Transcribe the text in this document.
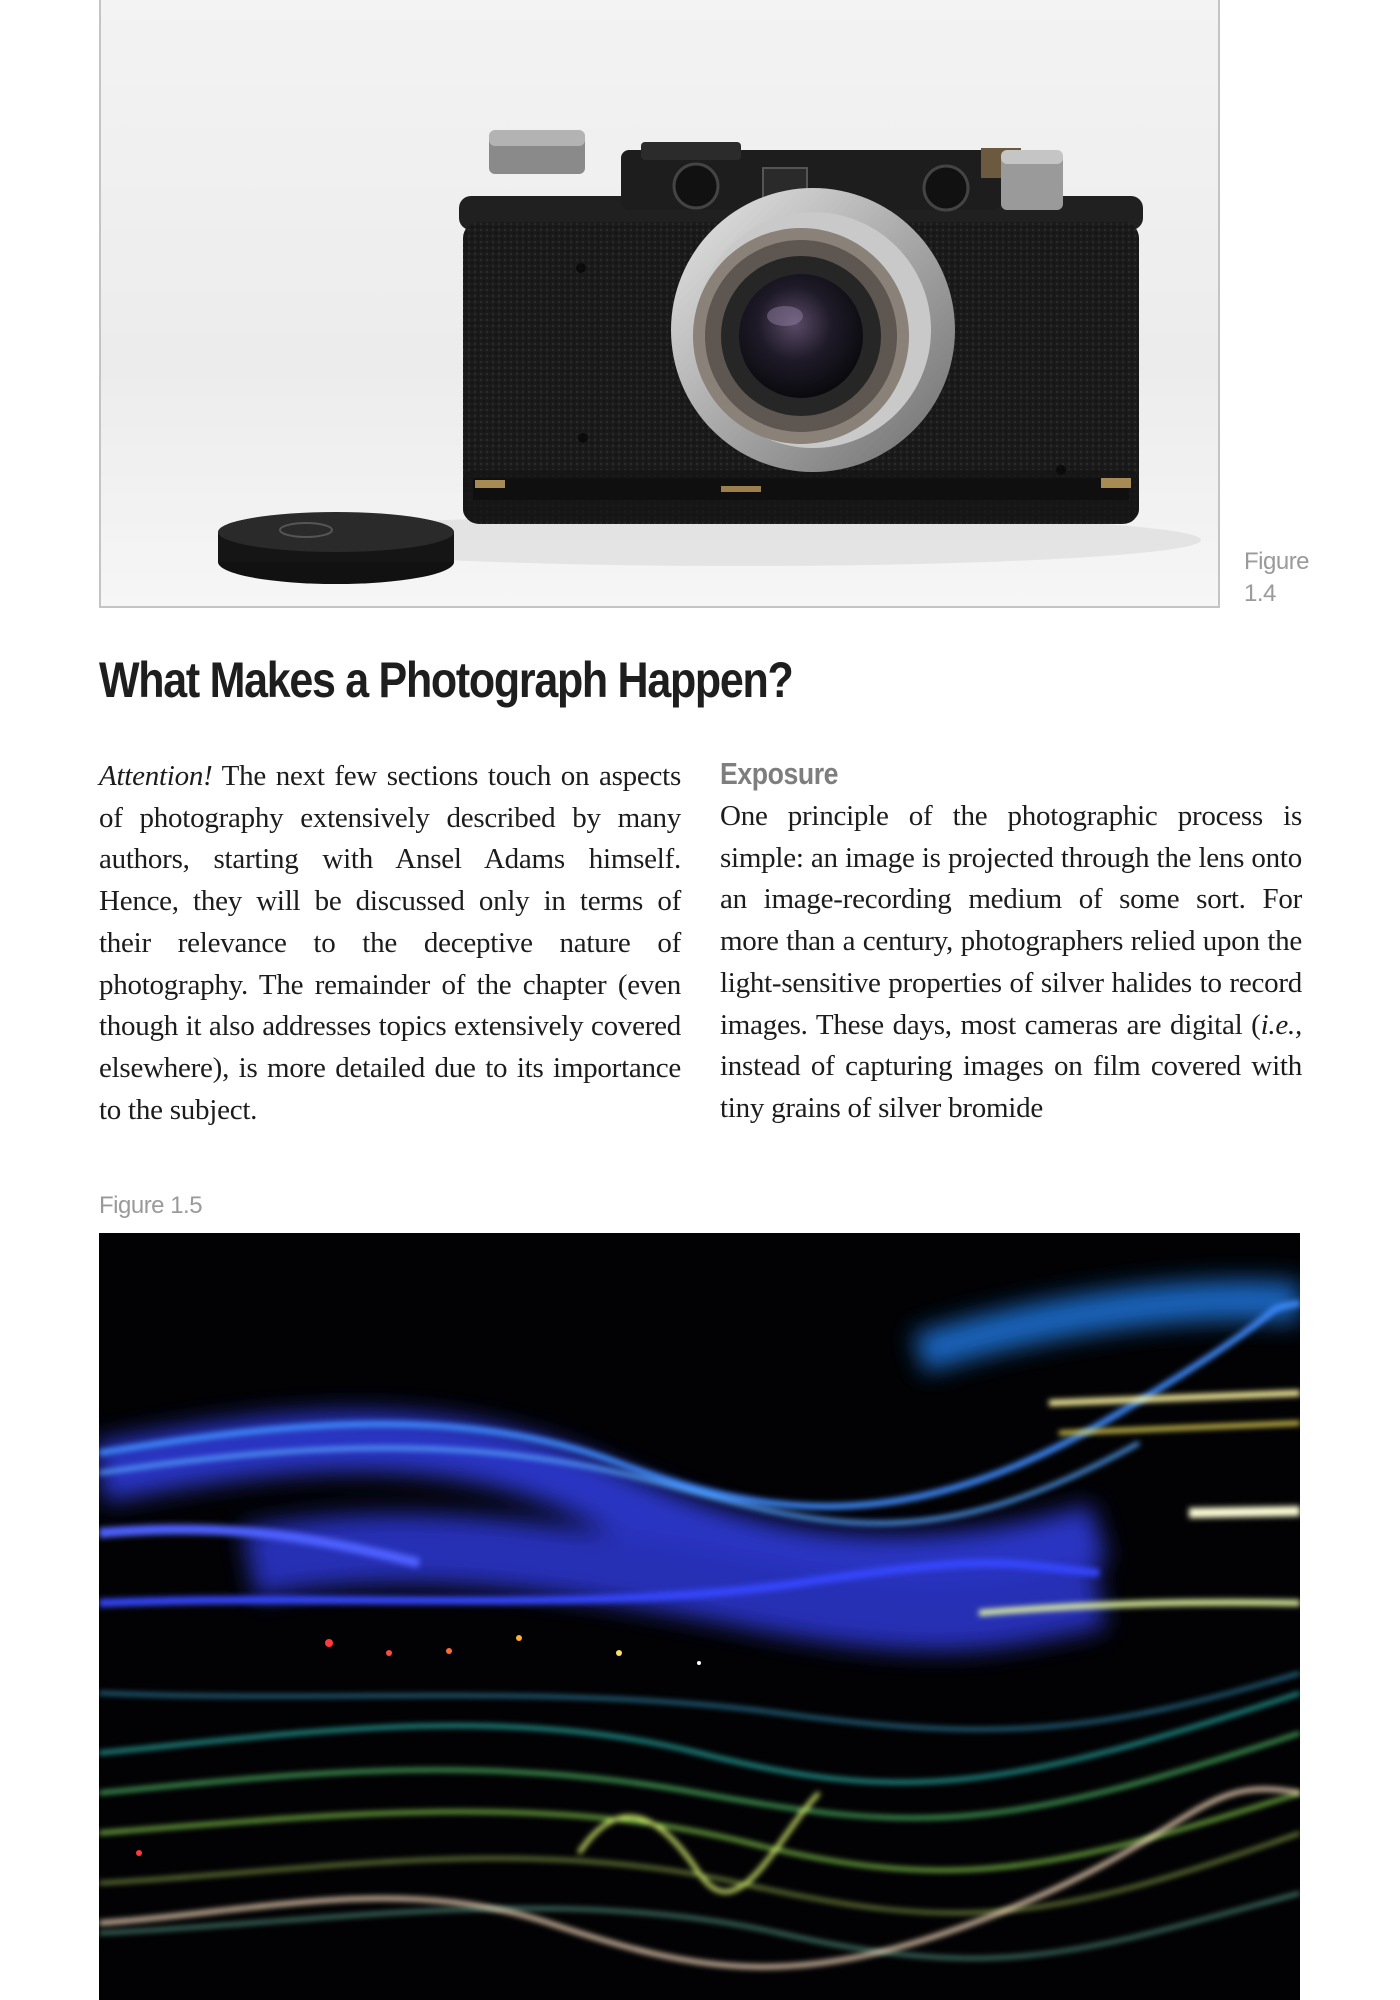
Figure
1.4
What Makes a Photograph Happen?

Attention! The next few sections touch on aspects of photography extensively described by many authors, starting with Ansel Adams himself. Hence, they will be discussed only in terms of their relevance to the deceptive nature of photography. The remainder of the chapter (even though it also addresses topics extensively covered elsewhere), is more detailed due to its importance to the subject.

Exposure

One principle of the photographic process is simple: an image is projected through the lens onto an image-recording medium of some sort. For more than a century, photographers relied upon the light-sensitive properties of silver halides to record images. These days, most cameras are digital (i.e., instead of capturing images on film covered with tiny grains of silver bromide

Figure 1.5
